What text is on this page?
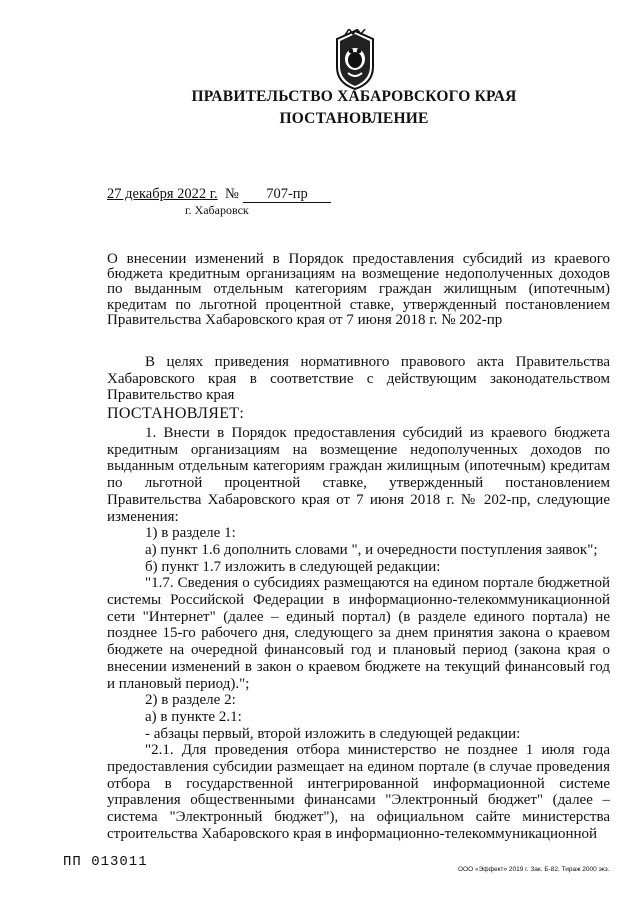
ПРАВИТЕЛЬСТВО ХАБАРОВСКОГО КРАЯ
ПОСТАНОВЛЕНИЕ
27 декабря 2022 г. №	707-пр
г. Хабаровск
О внесении изменений в Порядок предоставления субсидий из краевого бюджета кредитным организациям на возмещение недополученных доходов по выданным отдельным категориям граждан жилищным (ипотечным) кредитам по льготной процентной ставке, утвержденный постановлением Правительства Хабаровского края от 7 июня 2018 г. № 202-пр

В целях приведения нормативного правового акта Правительства Хабаровского края в соответствие с действующим законодательством Правительство края

ПОСТАНОВЛЯЕТ:

1. Внести в Порядок предоставления субсидий из краевого бюджета кредитным организациям на возмещение недополученных доходов по выданным отдельным категориям граждан жилищным (ипотечным) кредитам по льготной процентной ставке, утвержденный постановлением Правительства Хабаровского края от 7 июня 2018 г. № 202-пр, следующие изменения:

1) в разделе 1:

а) пункт 1.6 дополнить словами ", и очередности поступления заявок";

б) пункт 1.7 изложить в следующей редакции:

"1.7. Сведения о субсидиях размещаются на едином портале бюджетной системы Российской Федерации в информационно-телекоммуникационной сети "Интернет" (далее – единый портал) (в разделе единого портала) не позднее 15-го рабочего дня, следующего за днем принятия закона о краевом бюджете на очередной финансовый год и плановый период (закона края о внесении изменений в закон о краевом бюджете на текущий финансовый год и плановый период).";

2) в разделе 2:

а) в пункте 2.1:

- абзацы первый, второй изложить в следующей редакции:

"2.1. Для проведения отбора министерство не позднее 1 июля года предоставления субсидии размещает на едином портале (в случае проведения отбора в государственной интегрированной информационной системе управления общественными финансами "Электронный бюджет" (далее – система "Электронный бюджет"), на официальном сайте министерства строительства Хабаровского края в информационно-телекоммуникационной

ПП 013011	ООО «Эффект» 2019 г. Зак. Б-82. Тираж 2000 экз.
